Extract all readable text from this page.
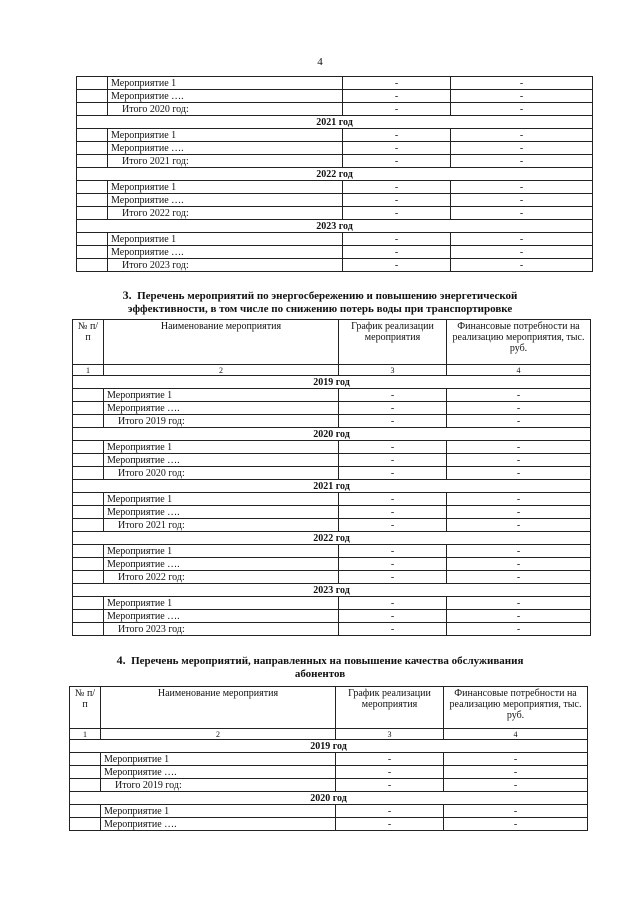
4
	Мероприятие 1	-	-
	Мероприятие ….	-	-
	Итого 2020 год:	-	-
2021 год			
	Мероприятие 1	-	-
	Мероприятие ….	-	-
	Итого 2021 год:	-	-
2022 год			
	Мероприятие 1	-	-
	Мероприятие ….	-	-
	Итого 2022 год:	-	-
2023 год			
	Мероприятие 1	-	-
	Мероприятие ….	-	-
	Итого 2023 год:	-	-
3. Перечень мероприятий по энергосбережению и повышению энергетической
эффективности, в том числе по снижению потерь воды при транспортировке
№ п/п	Наименование мероприятия	График реализации мероприятия	Финансовые потребности на реализацию мероприятия, тыс. руб.
1	2	3	4
2019 год			
	Мероприятие 1	-	-
	Мероприятие ….	-	-
	Итого 2019 год:	-	-
2020 год			
	Мероприятие 1	-	-
	Мероприятие ….	-	-
	Итого 2020 год:	-	-
2021 год			
	Мероприятие 1	-	-
	Мероприятие ….	-	-
	Итого 2021 год:	-	-
2022 год			
	Мероприятие 1	-	-
	Мероприятие ….	-	-
	Итого 2022 год:	-	-
2023 год			
	Мероприятие 1	-	-
	Мероприятие ….	-	-
	Итого 2023 год:	-	-
4. Перечень мероприятий, направленных на повышение качества обслуживания
абонентов
№ п/п	Наименование мероприятия	График реализации мероприятия	Финансовые потребности на реализацию мероприятия, тыс. руб.
1	2	3	4
2019 год			
	Мероприятие 1	-	-
	Мероприятие ….	-	-
	Итого 2019 год:	-	-
2020 год			
	Мероприятие 1	-	-
	Мероприятие ….	-	-
